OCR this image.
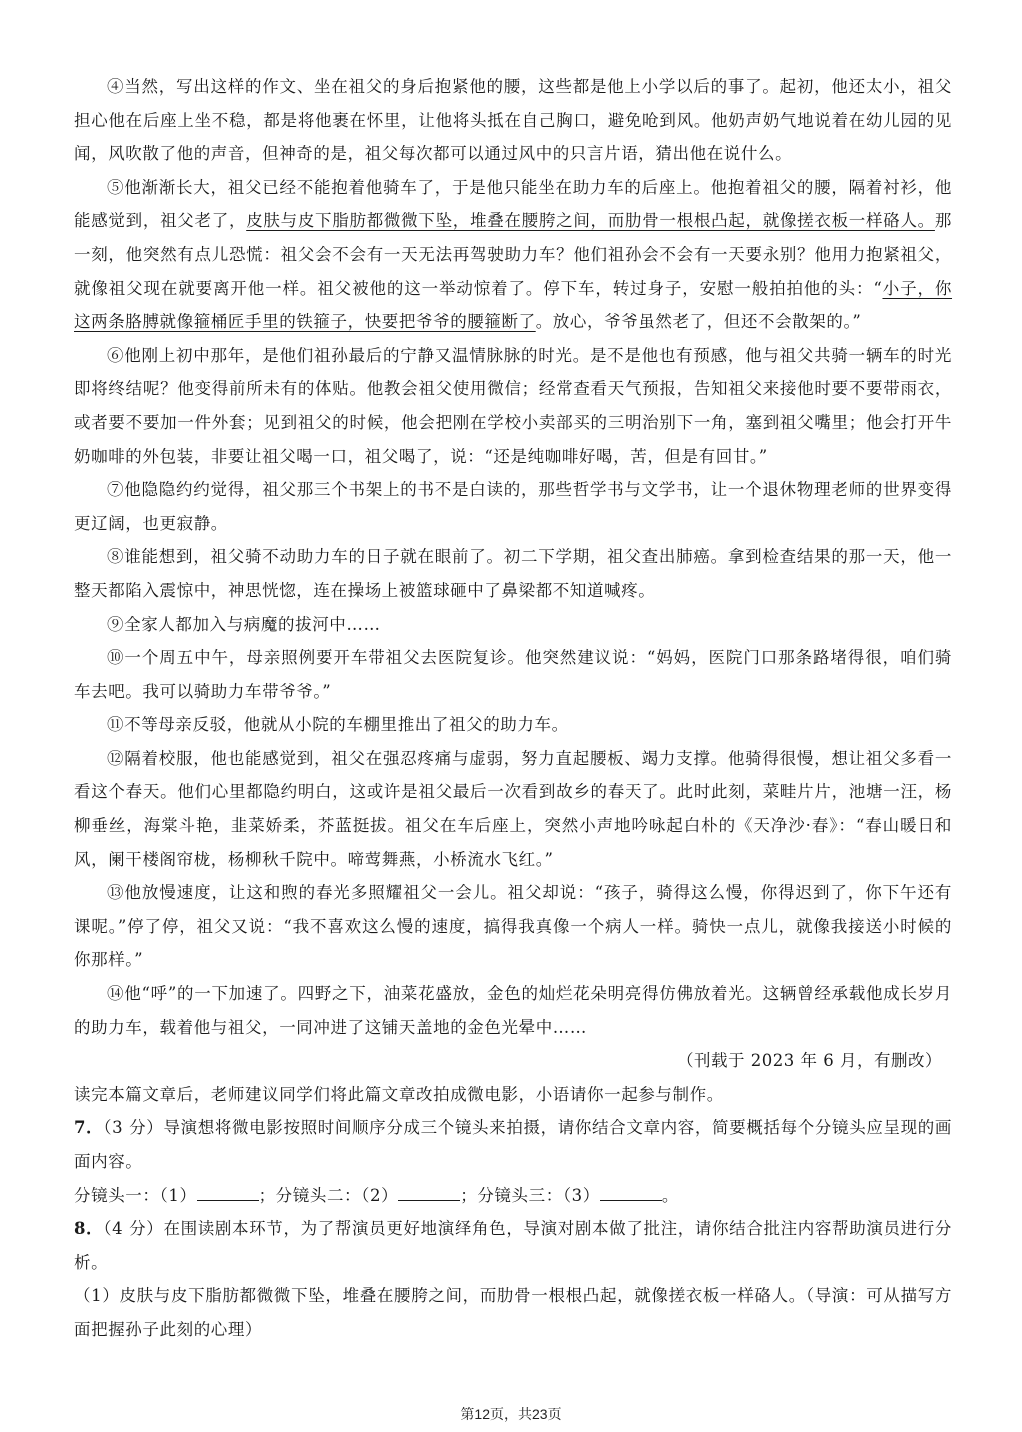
④当然，写出这样的作文、坐在祖父的身后抱紧他的腰，这些都是他上小学以后的事了。起初，他还太小，祖父担心他在后座上坐不稳，都是将他裹在怀里，让他将头抵在自己胸口，避免呛到风。他奶声奶气地说着在幼儿园的见闻，风吹散了他的声音，但神奇的是，祖父每次都可以通过风中的只言片语，猜出他在说什么。

⑤他渐渐长大，祖父已经不能抱着他骑车了，于是他只能坐在助力车的后座上。他抱着祖父的腰，隔着衬衫，他能感觉到，祖父老了，皮肤与皮下脂肪都微微下坠，堆叠在腰胯之间，而肋骨一根根凸起，就像搓衣板一样硌人。那一刻，他突然有点儿恐慌：祖父会不会有一天无法再驾驶助力车？他们祖孙会不会有一天要永别？他用力抱紧祖父，就像祖父现在就要离开他一样。祖父被他的这一举动惊着了。停下车，转过身子，安慰一般拍拍他的头：“小子，你这两条胳膊就像箍桶匠手里的铁箍子，快要把爷爷的腰箍断了。放心，爷爷虽然老了，但还不会散架的。”

⑥他刚上初中那年，是他们祖孙最后的宁静又温情脉脉的时光。是不是他也有预感，他与祖父共骑一辆车的时光即将终结呢？他变得前所未有的体贴。他教会祖父使用微信；经常查看天气预报，告知祖父来接他时要不要带雨衣，或者要不要加一件外套；见到祖父的时候，他会把刚在学校小卖部买的三明治别下一角，塞到祖父嘴里；他会打开牛奶咖啡的外包装，非要让祖父喝一口，祖父喝了，说：“还是纯咖啡好喝，苦，但是有回甘。”

⑦他隐隐约约觉得，祖父那三个书架上的书不是白读的，那些哲学书与文学书，让一个退休物理老师的世界变得更辽阔，也更寂静。

⑧谁能想到，祖父骑不动助力车的日子就在眼前了。初二下学期，祖父查出肺癌。拿到检查结果的那一天，他一整天都陷入震惊中，神思恍惚，连在操场上被篮球砸中了鼻梁都不知道喊疼。

⑨全家人都加入与病魔的拔河中……

⑩一个周五中午，母亲照例要开车带祖父去医院复诊。他突然建议说：“妈妈，医院门口那条路堵得很，咱们骑车去吧。我可以骑助力车带爷爷。”

⑪不等母亲反驳，他就从小院的车棚里推出了祖父的助力车。

⑫隔着校服，他也能感觉到，祖父在强忍疼痛与虚弱，努力直起腰板、竭力支撑。他骑得很慢，想让祖父多看一看这个春天。他们心里都隐约明白，这或许是祖父最后一次看到故乡的春天了。此时此刻，菜畦片片，池塘一汪，杨柳垂丝，海棠斗艳，韭菜娇柔，芥蓝挺拔。祖父在车后座上，突然小声地吟咏起白朴的《天净沙·春》：“春山暖日和风，阑干楼阁帘栊，杨柳秋千院中。啼莺舞燕，小桥流水飞红。”

⑬他放慢速度，让这和煦的春光多照耀祖父一会儿。祖父却说：“孩子，骑得这么慢，你得迟到了，你下午还有课呢。”停了停，祖父又说：“我不喜欢这么慢的速度，搞得我真像一个病人一样。骑快一点儿，就像我接送小时候的你那样。”

⑭他“呼”的一下加速了。四野之下，油菜花盛放，金色的灿烂花朵明亮得仿佛放着光。这辆曾经承载他成长岁月的助力车，载着他与祖父，一同冲进了这铺天盖地的金色光晕中……

（刊载于 2023 年 6 月，有删改）

读完本篇文章后，老师建议同学们将此篇文章改拍成微电影，小语请你一起参与制作。

7．（3 分）导演想将微电影按照时间顺序分成三个镜头来拍摄，请你结合文章内容，简要概括每个分镜头应呈现的画面内容。

分镜头一：（1）	；分镜头二：（2）	；分镜头三：（3）	。

8．（4 分）在围读剧本环节，为了帮演员更好地演绎角色，导演对剧本做了批注，请你结合批注内容帮助演员进行分析。

（1）皮肤与皮下脂肪都微微下坠，堆叠在腰胯之间，而肋骨一根根凸起，就像搓衣板一样硌人。（导演：可从描写方面把握孙子此刻的心理）

第12页，共23页
